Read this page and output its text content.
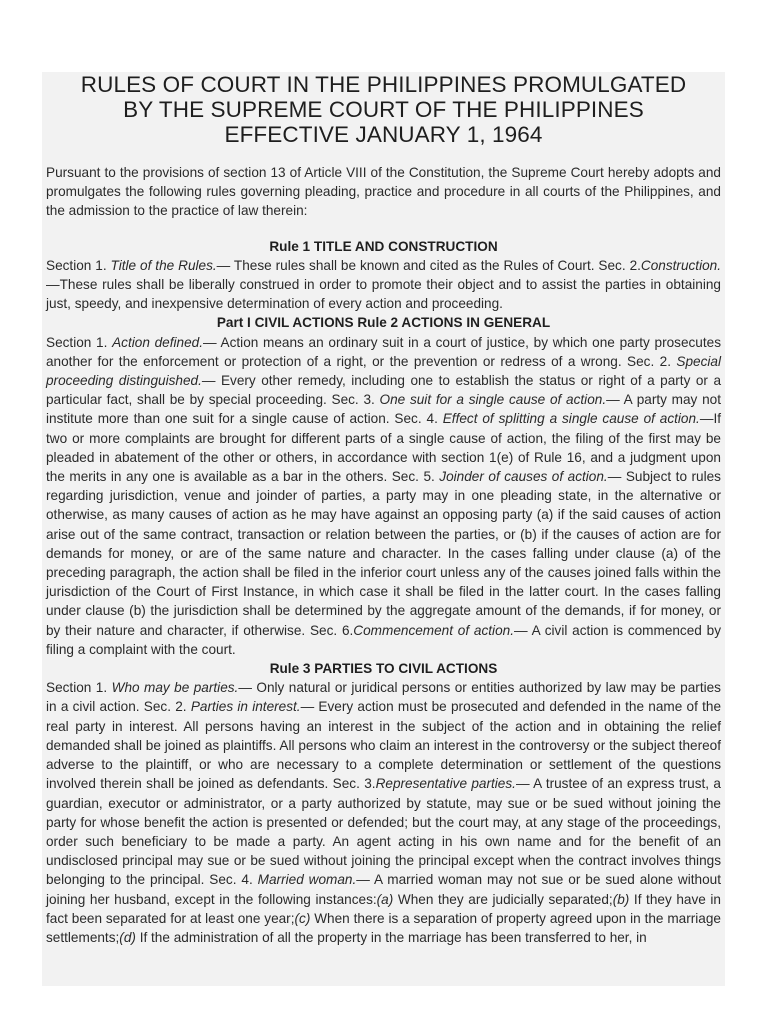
RULES OF COURT IN THE PHILIPPINES PROMULGATED
BY THE SUPREME COURT OF THE PHILIPPINES
EFFECTIVE JANUARY 1, 1964

Pursuant to the provisions of section 13 of Article VIII of the Constitution, the Supreme Court hereby adopts and promulgates the following rules governing pleading, practice and procedure in all courts of the Philippines, and the admission to the practice of law therein:

Rule 1 TITLE AND CONSTRUCTION

Section 1. Title of the Rules.— These rules shall be known and cited as the Rules of Court. Sec. 2.Construction.—These rules shall be liberally construed in order to promote their object and to assist the parties in obtaining just, speedy, and inexpensive determination of every action and proceeding.

Part I CIVIL ACTIONS Rule 2 ACTIONS IN GENERAL

Section 1. Action defined.— Action means an ordinary suit in a court of justice, by which one party prosecutes another for the enforcement or protection of a right, or the prevention or redress of a wrong. Sec. 2. Special proceeding distinguished.— Every other remedy, including one to establish the status or right of a party or a particular fact, shall be by special proceeding. Sec. 3. One suit for a single cause of action.— A party may not institute more than one suit for a single cause of action. Sec. 4. Effect of splitting a single cause of action.—If two or more complaints are brought for different parts of a single cause of action, the filing of the first may be pleaded in abatement of the other or others, in accordance with section 1(e) of Rule 16, and a judgment upon the merits in any one is available as a bar in the others. Sec. 5. Joinder of causes of action.— Subject to rules regarding jurisdiction, venue and joinder of parties, a party may in one pleading state, in the alternative or otherwise, as many causes of action as he may have against an opposing party (a) if the said causes of action arise out of the same contract, transaction or relation between the parties, or (b) if the causes of action are for demands for money, or are of the same nature and character. In the cases falling under clause (a) of the preceding paragraph, the action shall be filed in the inferior court unless any of the causes joined falls within the jurisdiction of the Court of First Instance, in which case it shall be filed in the latter court. In the cases falling under clause (b) the jurisdiction shall be determined by the aggregate amount of the demands, if for money, or by their nature and character, if otherwise. Sec. 6.Commencement of action.— A civil action is commenced by filing a complaint with the court.

Rule 3 PARTIES TO CIVIL ACTIONS

Section 1. Who may be parties.— Only natural or juridical persons or entities authorized by law may be parties in a civil action. Sec. 2. Parties in interest.— Every action must be prosecuted and defended in the name of the real party in interest. All persons having an interest in the subject of the action and in obtaining the relief demanded shall be joined as plaintiffs. All persons who claim an interest in the controversy or the subject thereof adverse to the plaintiff, or who are necessary to a complete determination or settlement of the questions involved therein shall be joined as defendants. Sec. 3.Representative parties.— A trustee of an express trust, a guardian, executor or administrator, or a party authorized by statute, may sue or be sued without joining the party for whose benefit the action is presented or defended; but the court may, at any stage of the proceedings, order such beneficiary to be made a party. An agent acting in his own name and for the benefit of an undisclosed principal may sue or be sued without joining the principal except when the contract involves things belonging to the principal. Sec. 4. Married woman.— A married woman may not sue or be sued alone without joining her husband, except in the following instances:(a) When they are judicially separated;(b) If they have in fact been separated for at least one year;(c) When there is a separation of property agreed upon in the marriage settlements;(d) If the administration of all the property in the marriage has been transferred to her, in
